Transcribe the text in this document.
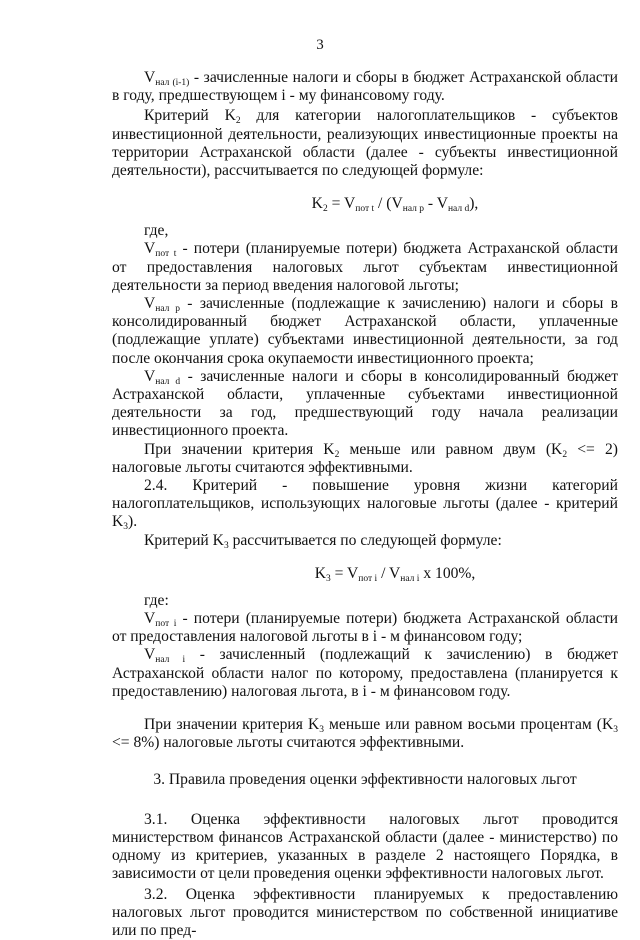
3

$V_{нал (i-1)}$ - зачисленные налоги и сборы в бюджет Астраханской области в году, предшествующем i - му финансовому году.

Критерий $K_2$ для категории налогоплательщиков - субъектов инвестиционной деятельности, реализующих инвестиционные проекты на территории Астраханской области (далее - субъекты инвестиционной деятельности), рассчитывается по следующей формуле:

$K_2 = V_{пот t} / (V_{нал p} - V_{нал d})$,

где,

$V_{пот t}$ - потери (планируемые потери) бюджета Астраханской области от предоставления налоговых льгот субъектам инвестиционной деятельности за период введения налоговой льготы;

$V_{нал p}$ - зачисленные (подлежащие к зачислению) налоги и сборы в консолидированный бюджет Астраханской области, уплаченные (подлежащие уплате) субъектами инвестиционной деятельности, за год после окончания срока окупаемости инвестиционного проекта;

$V_{нал d}$ - зачисленные налоги и сборы в консолидированный бюджет Астраханской области, уплаченные субъектами инвестиционной деятельности за год, предшествующий году начала реализации инвестиционного проекта.

При значении критерия $K_2$ меньше или равном двум $(K_2 <= 2)$ налоговые льготы считаются эффективными.

2.4. Критерий - повышение уровня жизни категорий налогоплательщиков, использующих налоговые льготы (далее - критерий $K_3$).

Критерий $K_3$ рассчитывается по следующей формуле:

$K_3 = V_{пот i} / V_{нал i}$ x 100%,

где:

$V_{пот i}$ - потери (планируемые потери) бюджета Астраханской области от предоставления налоговой льготы в i - м финансовом году;

$V_{нал i}$ - зачисленный (подлежащий к зачислению) в бюджет Астраханской области налог по которому, предоставлена (планируется к предоставлению) налоговая льгота, в i - м финансовом году.

При значении критерия $K_3$ меньше или равном восьми процентам $(K_3 <= 8\%)$ налоговые льготы считаются эффективными.

3. Правила проведения оценки эффективности налоговых льгот

3.1. Оценка эффективности налоговых льгот проводится министерством финансов Астраханской области (далее - министерство) по одному из критериев, указанных в разделе 2 настоящего Порядка, в зависимости от цели проведения оценки эффективности налоговых льгот.

3.2. Оценка эффективности планируемых к предоставлению налоговых льгот проводится министерством по собственной инициативе или по пред-
